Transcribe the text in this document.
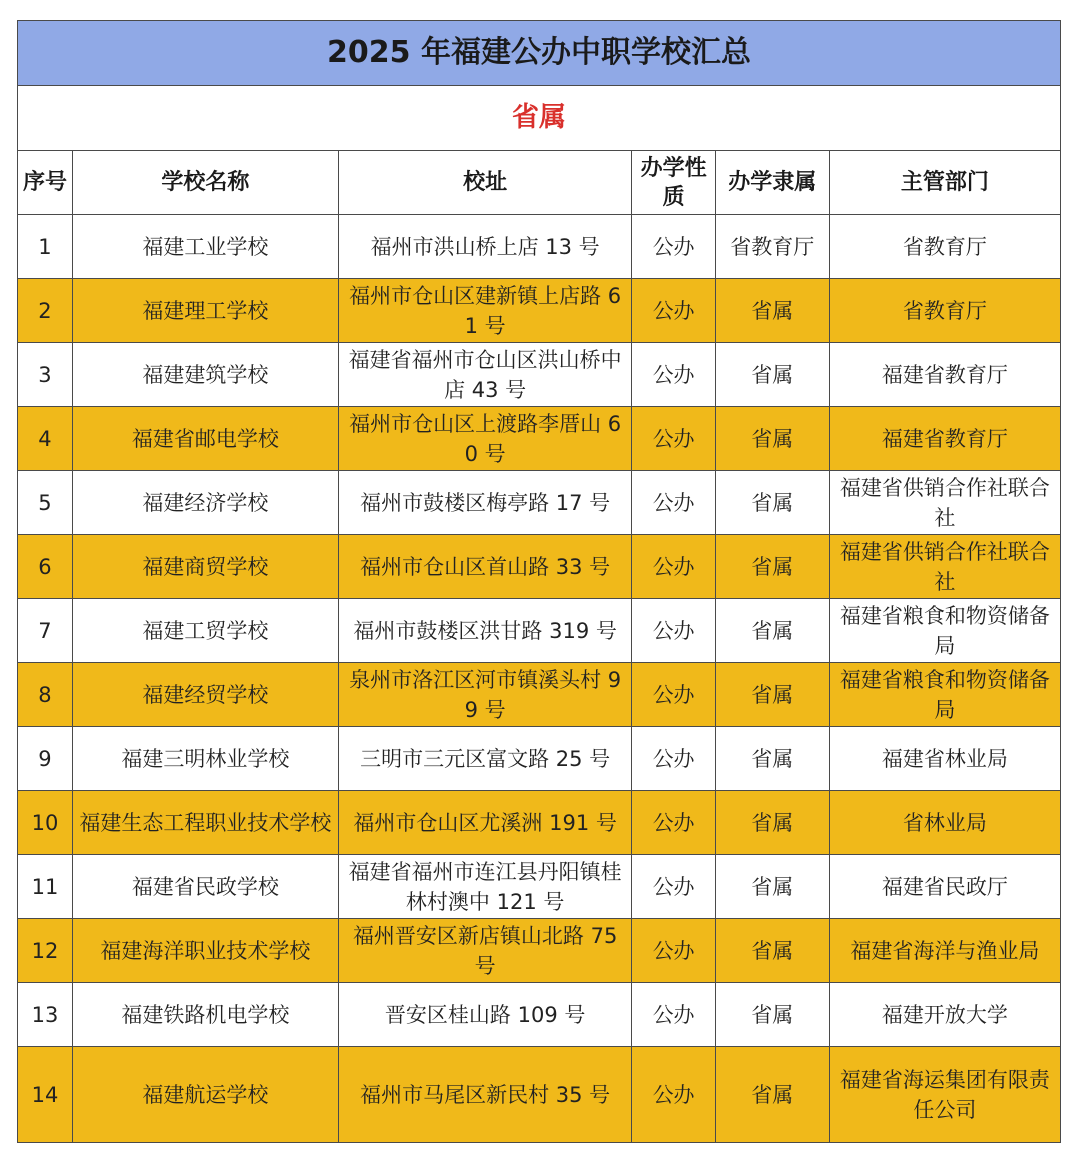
2025 年福建公办中职学校汇总					
省属					
序号	学校名称	校址	办学性质	办学隶属	主管部门
1	福建工业学校	福州市洪山桥上店 13 号	公办	省教育厅	省教育厅
2	福建理工学校	福州市仓山区建新镇上店路 61 号	公办	省属	省教育厅
3	福建建筑学校	福建省福州市仓山区洪山桥中店 43 号	公办	省属	福建省教育厅
4	福建省邮电学校	福州市仓山区上渡路李厝山 60 号	公办	省属	福建省教育厅
5	福建经济学校	福州市鼓楼区梅亭路 17 号	公办	省属	福建省供销合作社联合社
6	福建商贸学校	福州市仓山区首山路 33 号	公办	省属	福建省供销合作社联合社
7	福建工贸学校	福州市鼓楼区洪甘路 319 号	公办	省属	福建省粮食和物资储备局
8	福建经贸学校	泉州市洛江区河市镇溪头村 99 号	公办	省属	福建省粮食和物资储备局
9	福建三明林业学校	三明市三元区富文路 25 号	公办	省属	福建省林业局
10	福建生态工程职业技术学校	福州市仓山区尤溪洲 191 号	公办	省属	省林业局
11	福建省民政学校	福建省福州市连江县丹阳镇桂林村澳中 121 号	公办	省属	福建省民政厅
12	福建海洋职业技术学校	福州晋安区新店镇山北路 75 号	公办	省属	福建省海洋与渔业局
13	福建铁路机电学校	晋安区桂山路 109 号	公办	省属	福建开放大学
14	福建航运学校	福州市马尾区新民村 35 号	公办	省属	福建省海运集团有限责任公司
